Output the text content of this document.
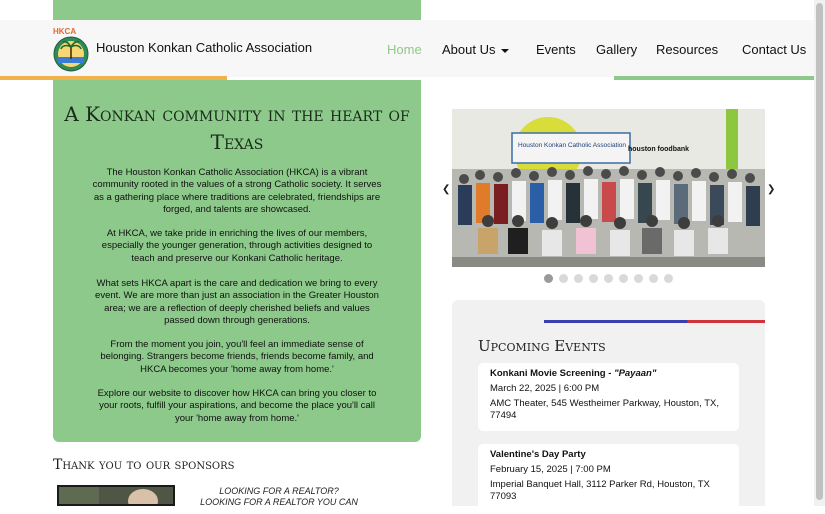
HKCA
Houston Konkan Catholic Association	Home About Us	Events Gallery Resources Contact Us
A Konkan community in the heart of Texas
The Houston Konkan Catholic Association (HKCA) is a vibrant community rooted in the values of a strong Catholic society. It serves as a gathering place where traditions are celebrated, friendships are forged, and talents are showcased.
At HKCA, we take pride in enriching the lives of our members, especially the younger generation, through activities designed to teach and preserve our Konkani Catholic heritage.
What sets HKCA apart is the care and dedication we bring to every event. We are more than just an association in the Greater Houston area; we are a reflection of deeply cherished beliefs and values passed down through generations.
From the moment you join, you'll feel an immediate sense of belonging. Strangers become friends, friends become family, and HKCA becomes your 'home away from home.'
Explore our website to discover how HKCA can bring you closer to your roots, fulfill your aspirations, and become the place you'll call your 'home away from home.'
Thank you to our sponsors
LOOKING FOR A REALTOR?
LOOKING FOR A REALTOR YOU CAN
Houston Konkan Catholic Association
houston foodbank
❮	❯
Upcoming Events
Konkani Movie Screening - "Payaan"
March 22, 2025 | 6:00 PM
AMC Theater, 545 Westheimer Parkway, Houston, TX, 77494
Valentine's Day Party
February 15, 2025 | 7:00 PM
Imperial Banquet Hall, 3112 Parker Rd, Houston, TX 77093
